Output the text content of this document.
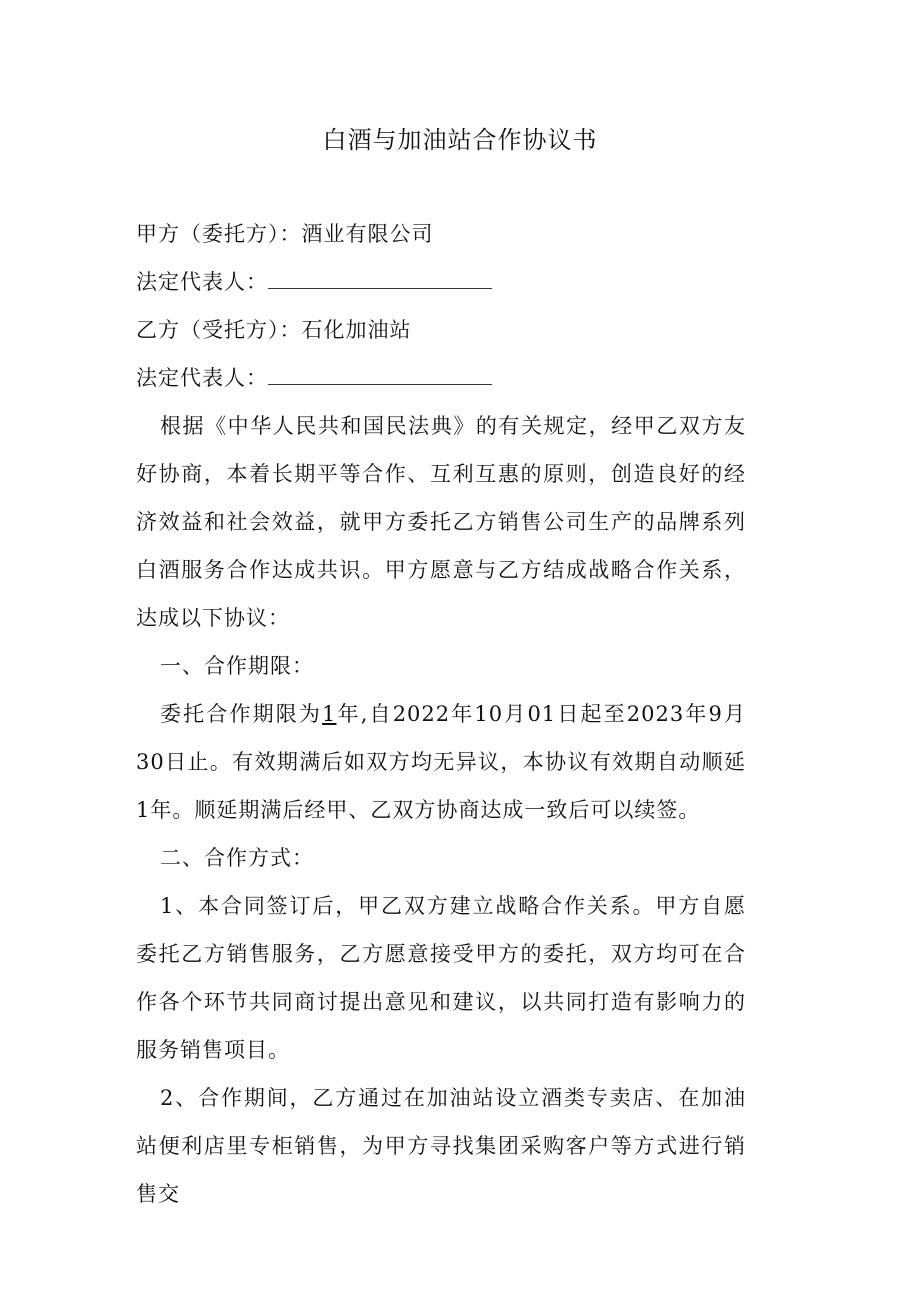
白酒与加油站合作协议书

甲方（委托方）：酒业有限公司

法定代表人：

乙方（受托方）：石化加油站

法定代表人：

根据《中华人民共和国民法典》的有关规定，经甲乙双方友好协商，本着长期平等合作、互利互惠的原则，创造良好的经济效益和社会效益，就甲方委托乙方销售公司生产的品牌系列白酒服务合作达成共识。甲方愿意与乙方结成战略合作关系，达成以下协议：

一、合作期限：

委托合作期限为1年,自2022年10月01日起至2023年9月30日止。有效期满后如双方均无异议，本协议有效期自动顺延1年。顺延期满后经甲、乙双方协商达成一致后可以续签。

二、合作方式：

1、本合同签订后，甲乙双方建立战略合作关系。甲方自愿委托乙方销售服务，乙方愿意接受甲方的委托，双方均可在合作各个环节共同商讨提出意见和建议，以共同打造有影响力的服务销售项目。

2、合作期间，乙方通过在加油站设立酒类专卖店、在加油站便利店里专柜销售，为甲方寻找集团采购客户等方式进行销售交
